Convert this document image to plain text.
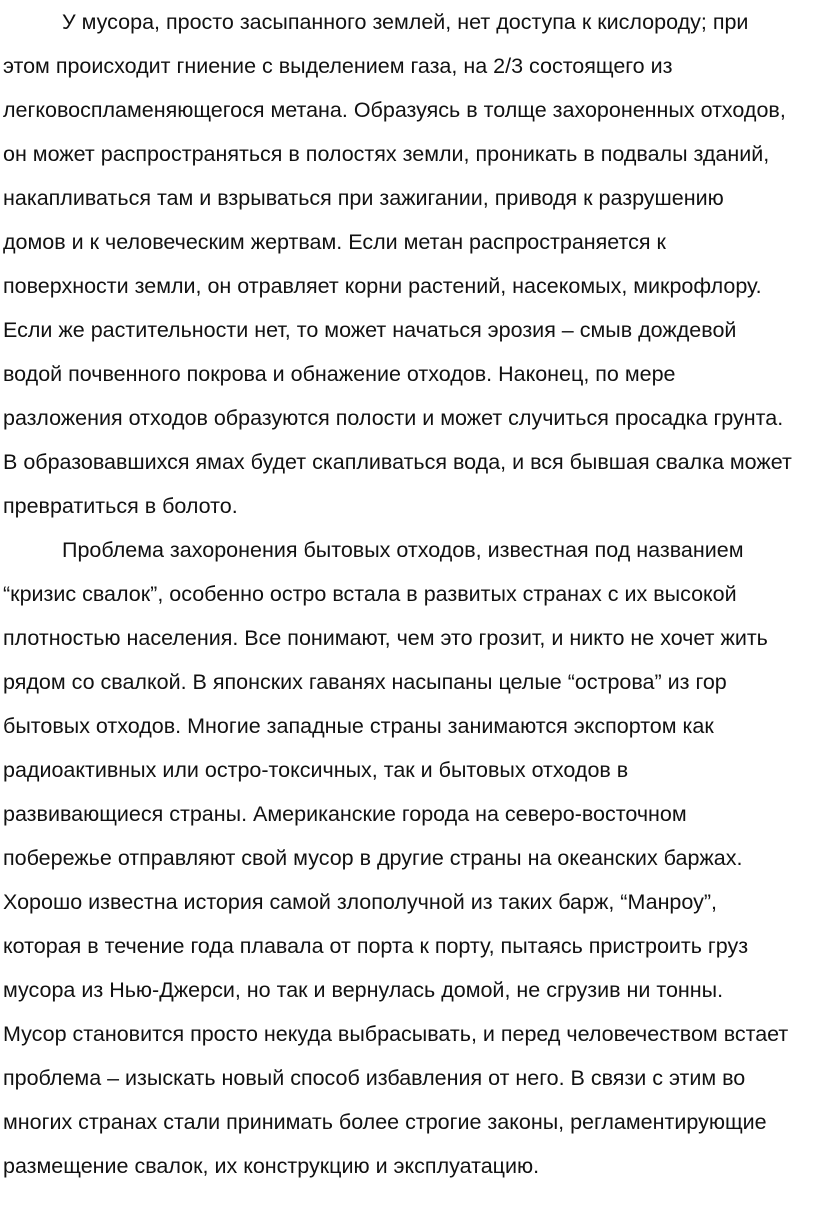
У мусора, просто засыпанного землей, нет доступа к кислороду; при
этом происходит гниение с выделением газа, на 2/3 состоящего из
легковоспламеняющегося метана. Образуясь в толще захороненных отходов,
он может распространяться в полостях земли, проникать в подвалы зданий,
накапливаться там и взрываться при зажигании, приводя к разрушению
домов и к человеческим жертвам. Если метан распространяется к
поверхности земли, он отравляет корни растений, насекомых, микрофлору.
Если же растительности нет, то может начаться эрозия – смыв дождевой
водой почвенного покрова и обнажение отходов. Наконец, по мере
разложения отходов образуются полости и может случиться просадка грунта.
В образовавшихся ямах будет скапливаться вода, и вся бывшая свалка может
превратиться в болото.
Проблема захоронения бытовых отходов, известная под названием
“кризис свалок”, особенно остро встала в развитых странах с их высокой
плотностью населения. Все понимают, чем это грозит, и никто не хочет жить
рядом со свалкой. В японских гаванях насыпаны целые “острова” из гор
бытовых отходов. Многие западные страны занимаются экспортом как
радиоактивных или остро-токсичных, так и бытовых отходов в
развивающиеся страны. Американские города на северо-восточном
побережье отправляют свой мусор в другие страны на океанских баржах.
Хорошо известна история самой злополучной из таких барж, “Манроу”,
которая в течение года плавала от порта к порту, пытаясь пристроить груз
мусора из Нью-Джерси, но так и вернулась домой, не сгрузив ни тонны.
Мусор становится просто некуда выбрасывать, и перед человечеством встает
проблема – изыскать новый способ избавления от него. В связи с этим во
многих странах стали принимать более строгие законы, регламентирующие
размещение свалок, их конструкцию и эксплуатацию.
